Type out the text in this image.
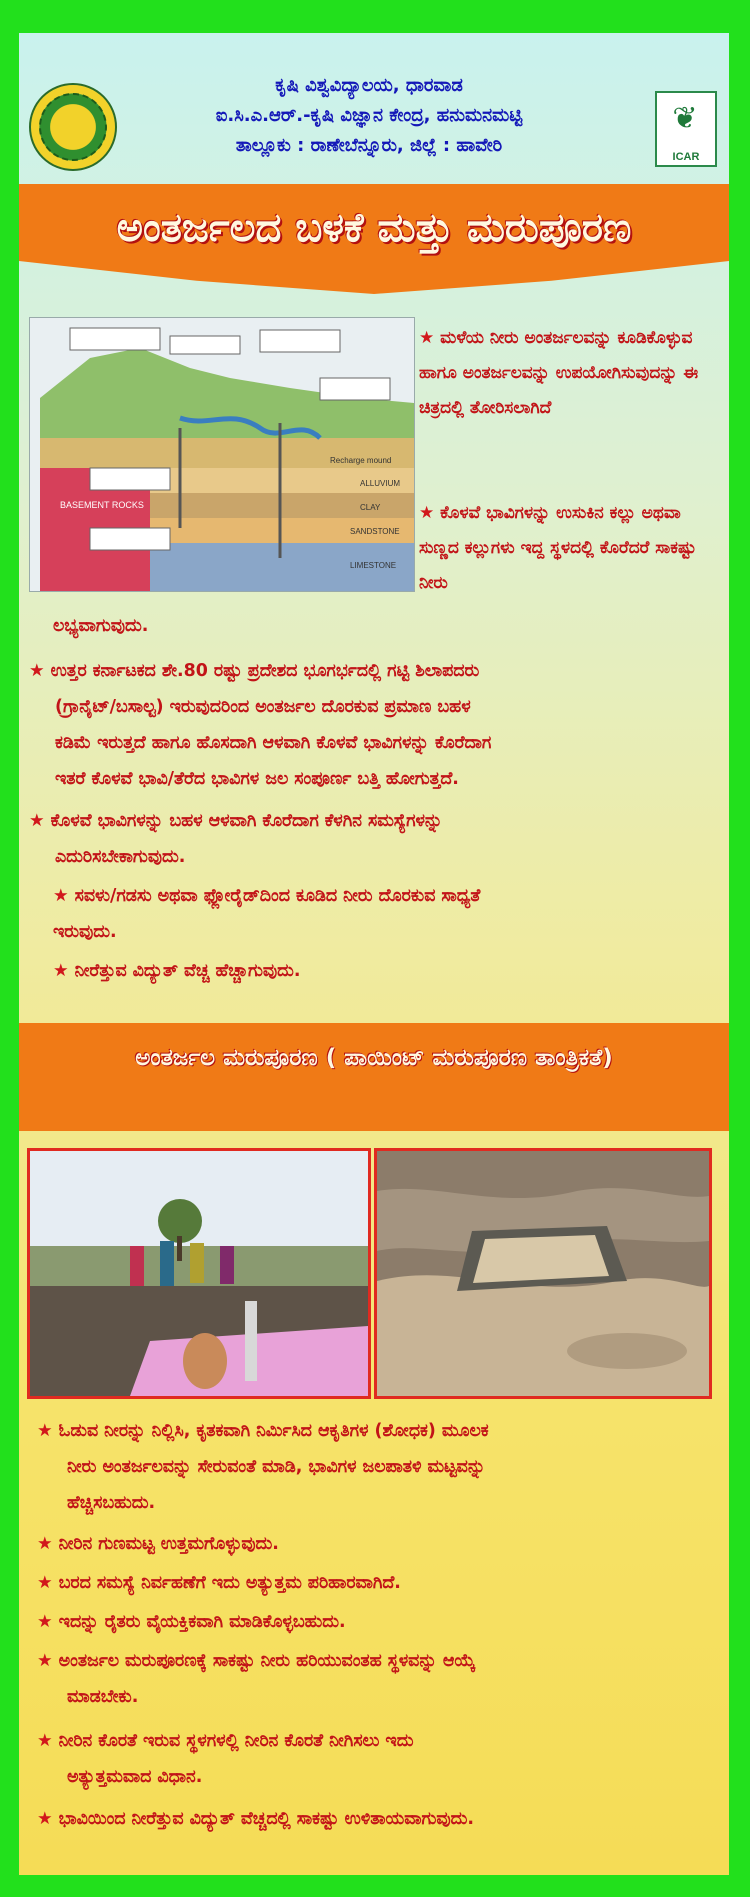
ಕೃಷಿ ವಿಶ್ವವಿದ್ಯಾಲಯ, ಧಾರವಾಡ
ಐ.ಸಿ.ಎ.ಆರ್.-ಕೃಷಿ ವಿಜ್ಞಾನ ಕೇಂದ್ರ, ಹನುಮನಮಟ್ಟಿ
ತಾಲ್ಲೂಕು : ರಾಣೇಬೆನ್ನೂರು, ಜಿಲ್ಲೆ : ಹಾವೇರಿ
❦
ICAR
ಅಂತರ್ಜಲದ ಬಳಕೆ ಮತ್ತು ಮರುಪೂರಣ
BASEMENT ROCKS
ALLUVIUM
CLAY
SANDSTONE
LIMESTONE
Recharge mound
★ ಮಳೆಯ ನೀರು ಅಂತರ್ಜಲವನ್ನು ಕೂಡಿಕೊಳ್ಳುವ ಹಾಗೂ ಅಂತರ್ಜಲವನ್ನು ಉಪಯೋಗಿಸುವುದನ್ನು ಈ ಚಿತ್ರದಲ್ಲಿ ತೋರಿಸಲಾಗಿದೆ
★ ಕೊಳವೆ ಭಾವಿಗಳನ್ನು ಉಸುಕಿನ ಕಲ್ಲು ಅಥವಾ ಸುಣ್ಣದ ಕಲ್ಲುಗಳು ಇದ್ದ ಸ್ಥಳದಲ್ಲಿ ಕೊರೆದರೆ ಸಾಕಷ್ಟು ನೀರು
ಲಭ್ಯವಾಗುವುದು.
★ ಉತ್ತರ ಕರ್ನಾಟಕದ ಶೇ.80 ರಷ್ಟು ಪ್ರದೇಶದ ಭೂಗರ್ಭದಲ್ಲಿ ಗಟ್ಟಿ ಶಿಲಾಪದರು
(ಗ್ರಾನೈಟ್/ಬಸಾಲ್ಟ) ಇರುವುದರಿಂದ ಅಂತರ್ಜಲ ದೊರಕುವ ಪ್ರಮಾಣ ಬಹಳ
ಕಡಿಮೆ ಇರುತ್ತದೆ ಹಾಗೂ ಹೊಸದಾಗಿ ಆಳವಾಗಿ ಕೊಳವೆ ಭಾವಿಗಳನ್ನು ಕೊರೆದಾಗ
ಇತರೆ ಕೊಳವೆ ಭಾವಿ/ತೆರೆದ ಭಾವಿಗಳ ಜಲ ಸಂಪೂರ್ಣ ಬತ್ತಿ ಹೋಗುತ್ತದೆ.
★ ಕೊಳವೆ ಭಾವಿಗಳನ್ನು ಬಹಳ ಆಳವಾಗಿ ಕೊರೆದಾಗ ಕೆಳಗಿನ ಸಮಸ್ಯೆಗಳನ್ನು
ಎದುರಿಸಬೇಕಾಗುವುದು.
★ ಸವಳು/ಗಡಸು ಅಥವಾ ಫ್ಲೋರೈಡ್‌ದಿಂದ ಕೂಡಿದ ನೀರು ದೊರಕುವ ಸಾಧ್ಯತೆ
ಇರುವುದು.
★ ನೀರೆತ್ತುವ ವಿದ್ಯುತ್ ವೆಚ್ಚ ಹೆಚ್ಚಾಗುವುದು.
ಅಂತರ್ಜಲ ಮರುಪೂರಣ ( ಪಾಯಿಂಟ್ ಮರುಪೂರಣ ತಾಂತ್ರಿಕತೆ)
★ ಓಡುವ ನೀರನ್ನು ನಿಲ್ಲಿಸಿ, ಕೃತಕವಾಗಿ ನಿರ್ಮಿಸಿದ ಆಕೃತಿಗಳ (ಶೋಧಕ) ಮೂಲಕ
ನೀರು ಅಂತರ್ಜಲವನ್ನು ಸೇರುವಂತೆ ಮಾಡಿ, ಭಾವಿಗಳ ಜಲಪಾತಳಿ ಮಟ್ಟವನ್ನು
ಹೆಚ್ಚಿಸಬಹುದು.
★ ನೀರಿನ ಗುಣಮಟ್ಟ ಉತ್ತಮಗೊಳ್ಳುವುದು.
★ ಬರದ ಸಮಸ್ಯೆ ನಿರ್ವಹಣೆಗೆ ಇದು ಅತ್ಯುತ್ತಮ ಪರಿಹಾರವಾಗಿದೆ.
★ ಇದನ್ನು ರೈತರು ವೈಯಕ್ತಿಕವಾಗಿ ಮಾಡಿಕೊಳ್ಳಬಹುದು.
★ ಅಂತರ್ಜಲ ಮರುಪೂರಣಕ್ಕೆ ಸಾಕಷ್ಟು ನೀರು ಹರಿಯುವಂತಹ ಸ್ಥಳವನ್ನು ಆಯ್ಕೆ
ಮಾಡಬೇಕು.
★ ನೀರಿನ ಕೊರತೆ ಇರುವ ಸ್ಥಳಗಳಲ್ಲಿ ನೀರಿನ ಕೊರತೆ ನೀಗಿಸಲು ಇದು
ಅತ್ಯುತ್ತಮವಾದ ವಿಧಾನ.
★ ಭಾವಿಯಿಂದ ನೀರೆತ್ತುವ ವಿದ್ಯುತ್ ವೆಚ್ಚದಲ್ಲಿ ಸಾಕಷ್ಟು ಉಳಿತಾಯವಾಗುವುದು.
